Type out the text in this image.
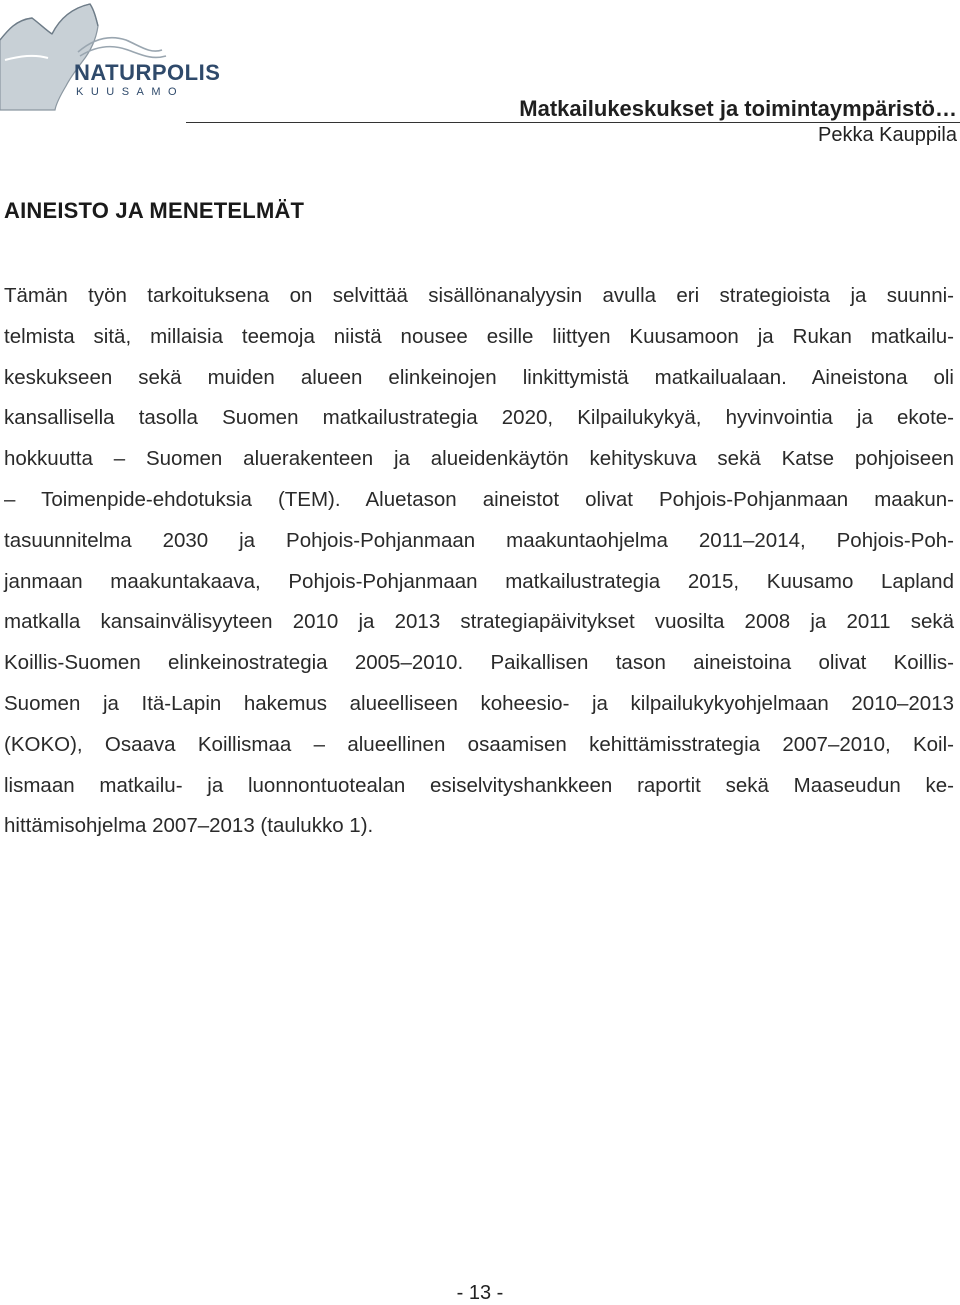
NATURPOLIS
KUUSAMO
Matkailukeskukset ja toimintaympäristö…
Pekka Kauppila
AINEISTO JA MENETELMÄT
Tämän työn tarkoituksena on selvittää sisällönanalyysin avulla eri strategioista ja suunni-
telmista sitä, millaisia teemoja niistä nousee esille liittyen Kuusamoon ja Rukan matkailu-
keskukseen sekä muiden alueen elinkeinojen linkittymistä matkailualaan. Aineistona oli
kansallisella tasolla Suomen matkailustrategia 2020, Kilpailukykyä, hyvinvointia ja ekote-
hokkuutta – Suomen aluerakenteen ja alueidenkäytön kehityskuva sekä Katse pohjoiseen
– Toimenpide-ehdotuksia (TEM). Aluetason aineistot olivat Pohjois-Pohjanmaan maakun-
tasuunnitelma 2030 ja Pohjois-Pohjanmaan maakuntaohjelma 2011–2014, Pohjois-Poh-
janmaan maakuntakaava, Pohjois-Pohjanmaan matkailustrategia 2015, Kuusamo Lapland
matkalla kansainvälisyyteen 2010 ja 2013 strategiapäivitykset vuosilta 2008 ja 2011 sekä
Koillis-Suomen elinkeinostrategia 2005–2010. Paikallisen tason aineistoina olivat Koillis-
Suomen ja Itä-Lapin hakemus alueelliseen koheesio- ja kilpailukykyohjelmaan 2010–2013
(KOKO), Osaava Koillismaa – alueellinen osaamisen kehittämisstrategia 2007–2010, Koil-
lismaan matkailu- ja luonnontuotealan esiselvityshankkeen raportit sekä Maaseudun ke-
hittämisohjelma 2007–2013 (taulukko 1).
- 13 -
